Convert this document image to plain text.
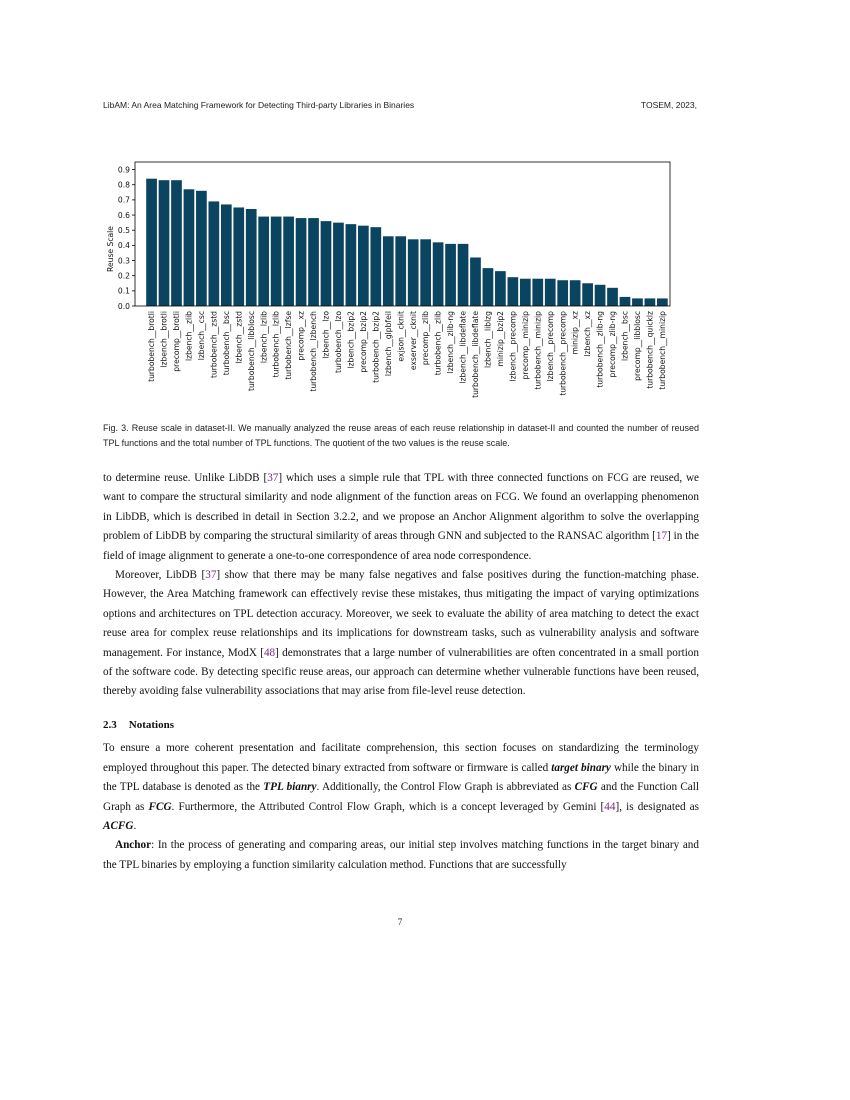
LibAM: An Area Matching Framework for Detecting Third-party Libraries in Binaries	TOSEM, 2023,
turbobench__brotli lzbench__brotli precomp__brotli lzbench__zlib lzbench__csc turbobench__zstd turbobench__bsc lzbench__zstd turbobench__libblosc lzbench__lzlib turbobench__lzlib turbobench__lzfse precomp__xz turbobench__lzbench lzbench__lzo turbobench__lzo lzbench__bzip2 precomp__bzip2 turbobench__bzip2 lzbench__glpbfeil exjson__cknit exserver__cknit precomp__zlib turbobench__zlib lzbench__zlib-ng lzbench__libdeflate turbobench__libdeflate lzbench__liblzg minizip__bzip2 lzbench__precomp precomp__minizip turbobench__minizip lzbench__precomp turbobench__precomp minizip__xz lzbench__xz turbobench__zlib-ng precomp__zlib-ng lzbench__bsc precomp__libblosc turbobench__quicklz turbobench__minizip
0.0
0.1
0.2
0.3
0.4
0.5
0.6
0.7
0.8
0.9
Reuse Scale
Fig. 3. Reuse scale in dataset-II. We manually analyzed the reuse areas of each reuse relationship in dataset-II and counted the number of reused TPL functions and the total number of TPL functions. The quotient of the two values is the reuse scale.

to determine reuse. Unlike LibDB [37] which uses a simple rule that TPL with three connected functions on FCG are reused, we want to compare the structural similarity and node alignment of the function areas on FCG. We found an overlapping phenomenon in LibDB, which is described in detail in Section 3.2.2, and we propose an Anchor Alignment algorithm to solve the overlapping problem of LibDB by comparing the structural similarity of areas through GNN and subjected to the RANSAC algorithm [17] in the field of image alignment to generate a one-to-one correspondence of area node correspondence.

Moreover, LibDB [37] show that there may be many false negatives and false positives during the function-matching phase. However, the Area Matching framework can effectively revise these mistakes, thus mitigating the impact of varying optimizations options and architectures on TPL detection accuracy. Moreover, we seek to evaluate the ability of area matching to detect the exact reuse area for complex reuse relationships and its implications for downstream tasks, such as vulnerability analysis and software management. For instance, ModX [48] demonstrates that a large number of vulnerabilities are often concentrated in a small portion of the software code. By detecting specific reuse areas, our approach can determine whether vulnerable functions have been reused, thereby avoiding false vulnerability associations that may arise from file-level reuse detection.

2.3 Notations

To ensure a more coherent presentation and facilitate comprehension, this section focuses on standardizing the terminology employed throughout this paper. The detected binary extracted from software or firmware is called target binary while the binary in the TPL database is denoted as the TPL bianry. Additionally, the Control Flow Graph is abbreviated as CFG and the Function Call Graph as FCG. Furthermore, the Attributed Control Flow Graph, which is a concept leveraged by Gemini [44], is designated as ACFG.

Anchor: In the process of generating and comparing areas, our initial step involves matching functions in the target binary and the TPL binaries by employing a function similarity calculation method. Functions that are successfully

7
